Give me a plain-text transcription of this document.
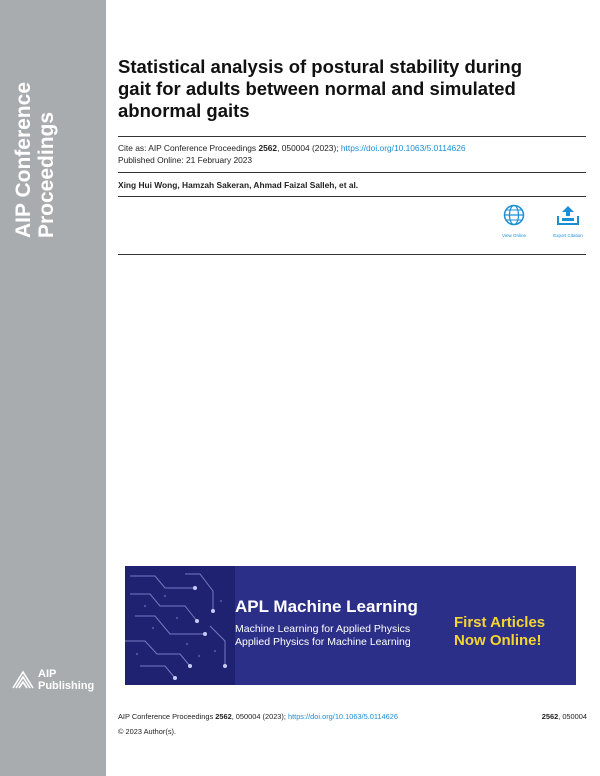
AIP Conference Proceedings
AIP
Publishing
Statistical analysis of postural stability during gait for adults between normal and simulated abnormal gaits
Cite as: AIP Conference Proceedings 2562, 050004 (2023); https://doi.org/10.1063/5.0114626
Published Online: 21 February 2023
Xing Hui Wong, Hamzah Sakeran, Ahmad Faizal Salleh, et al.
View Online	Export Citation
APL Machine Learning
Machine Learning for Applied Physics
Applied Physics for Machine Learning
First Articles
Now Online!
AIP Conference Proceedings 2562, 050004 (2023); https://doi.org/10.1063/5.0114626	2562, 050004
© 2023 Author(s).
